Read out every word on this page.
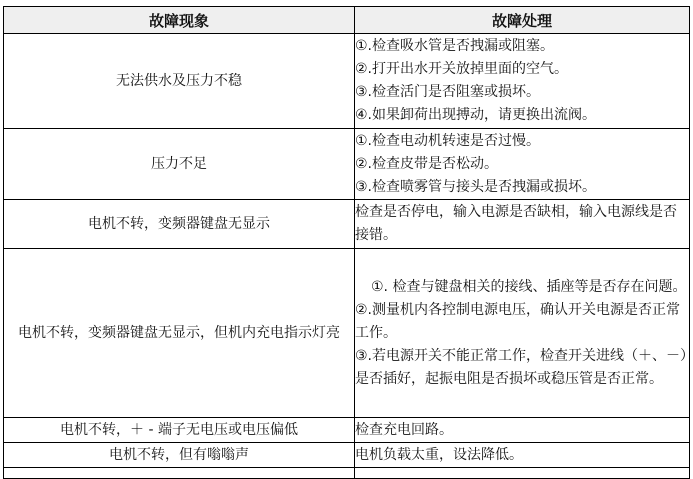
故障现象	故障处理
无法供水及压力不稳	①.检查吸水管是否拽漏或阻塞。
②.打开出水开关放掉里面的空气。
③.检查活门是否阻塞或损坏。
④.如果卸荷出现搏动，请更换出流阀。

压力不足	①.检查电动机转速是否过慢。
②.检查皮带是否松动。
③.检查喷雾管与接头是否拽漏或损坏。

电机不转，变频器键盘无显示	检查是否停电，输入电源是否缺相，输入电源线是否接错。

电机不转，变频器键盘无显示，但机内充电指示灯亮	①. 检查与键盘相关的接线、插座等是否存在问题。
②.测量机内各控制电源电压，确认开关电源是否正常工作。
③.若电源开关不能正常工作，检查开关进线（＋、－）是否插好，起振电阻是否损坏或稳压管是否正常。

电机不转，＋ - 端子无电压或电压偏低	检查充电回路。

电机不转，但有嗡嗡声	电机负载太重，设法降低。
